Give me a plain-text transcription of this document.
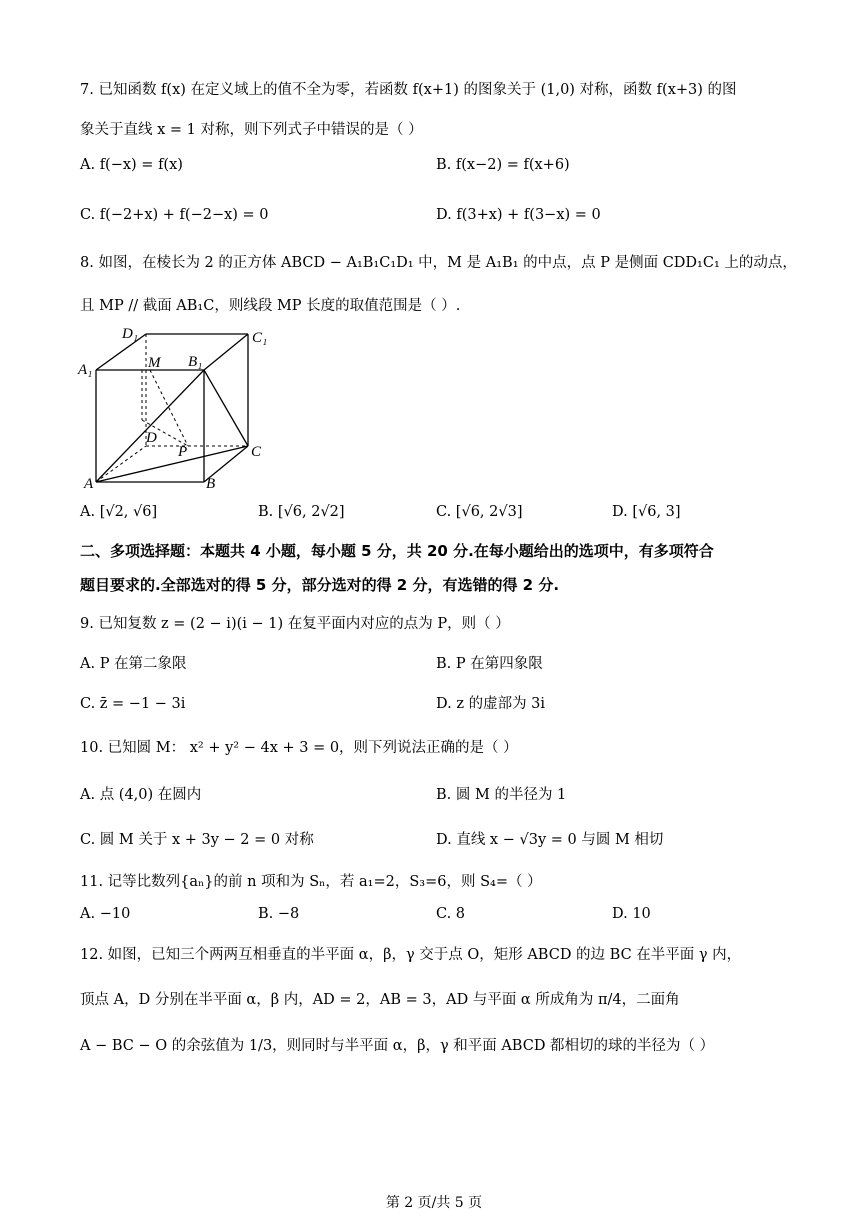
7. 已知函数 f(x) 在定义域上的值不全为零，若函数 f(x+1) 的图象关于 (1,0) 对称，函数 f(x+3) 的图
象关于直线 x = 1 对称，则下列式子中错误的是（ ）
A. f(−x) = f(x)	B. f(x−2) = f(x+6)
C. f(−2+x) + f(−2−x) = 0	D. f(3+x) + f(3−x) = 0
8. 如图，在棱长为 2 的正方体 ABCD − A₁B₁C₁D₁ 中，M 是 A₁B₁ 的中点，点 P 是侧面 CDD₁C₁ 上的动点，
且 MP // 截面 AB₁C，则线段 MP 长度的取值范围是（ ）.
D₁	C₁
A₁	B₁
M
D
P	C
A	B
A. [√2, √6]	B. [√6, 2√2]	C. [√6, 2√3]	D. [√6, 3]
二、多项选择题：本题共 4 小题，每小题 5 分，共 20 分.在每小题给出的选项中，有多项符合
题目要求的.全部选对的得 5 分，部分选对的得 2 分，有选错的得 2 分.
9. 已知复数 z = (2 − i)(i − 1) 在复平面内对应的点为 P，则（ ）
A. P 在第二象限	B. P 在第四象限
C. z̄ = −1 − 3i	D. z 的虚部为 3i
10. 已知圆 M： x² + y² − 4x + 3 = 0，则下列说法正确的是（ ）
A. 点 (4,0) 在圆内	B. 圆 M 的半径为 1
C. 圆 M 关于 x + 3y − 2 = 0 对称	D. 直线 x − √3y = 0 与圆 M 相切
11. 记等比数列{aₙ}的前 n 项和为 Sₙ，若 a₁=2，S₃=6，则 S₄=（ ）
A. −10	B. −8	C. 8	D. 10
12. 如图，已知三个两两互相垂直的半平面 α，β，γ 交于点 O，矩形 ABCD 的边 BC 在半平面 γ 内，
顶点 A，D 分别在半平面 α，β 内，AD = 2，AB = 3，AD 与平面 α 所成角为 π/4，二面角
A − BC − O 的余弦值为 1/3，则同时与半平面 α，β，γ 和平面 ABCD 都相切的球的半径为（ ）
第 2 页/共 5 页
